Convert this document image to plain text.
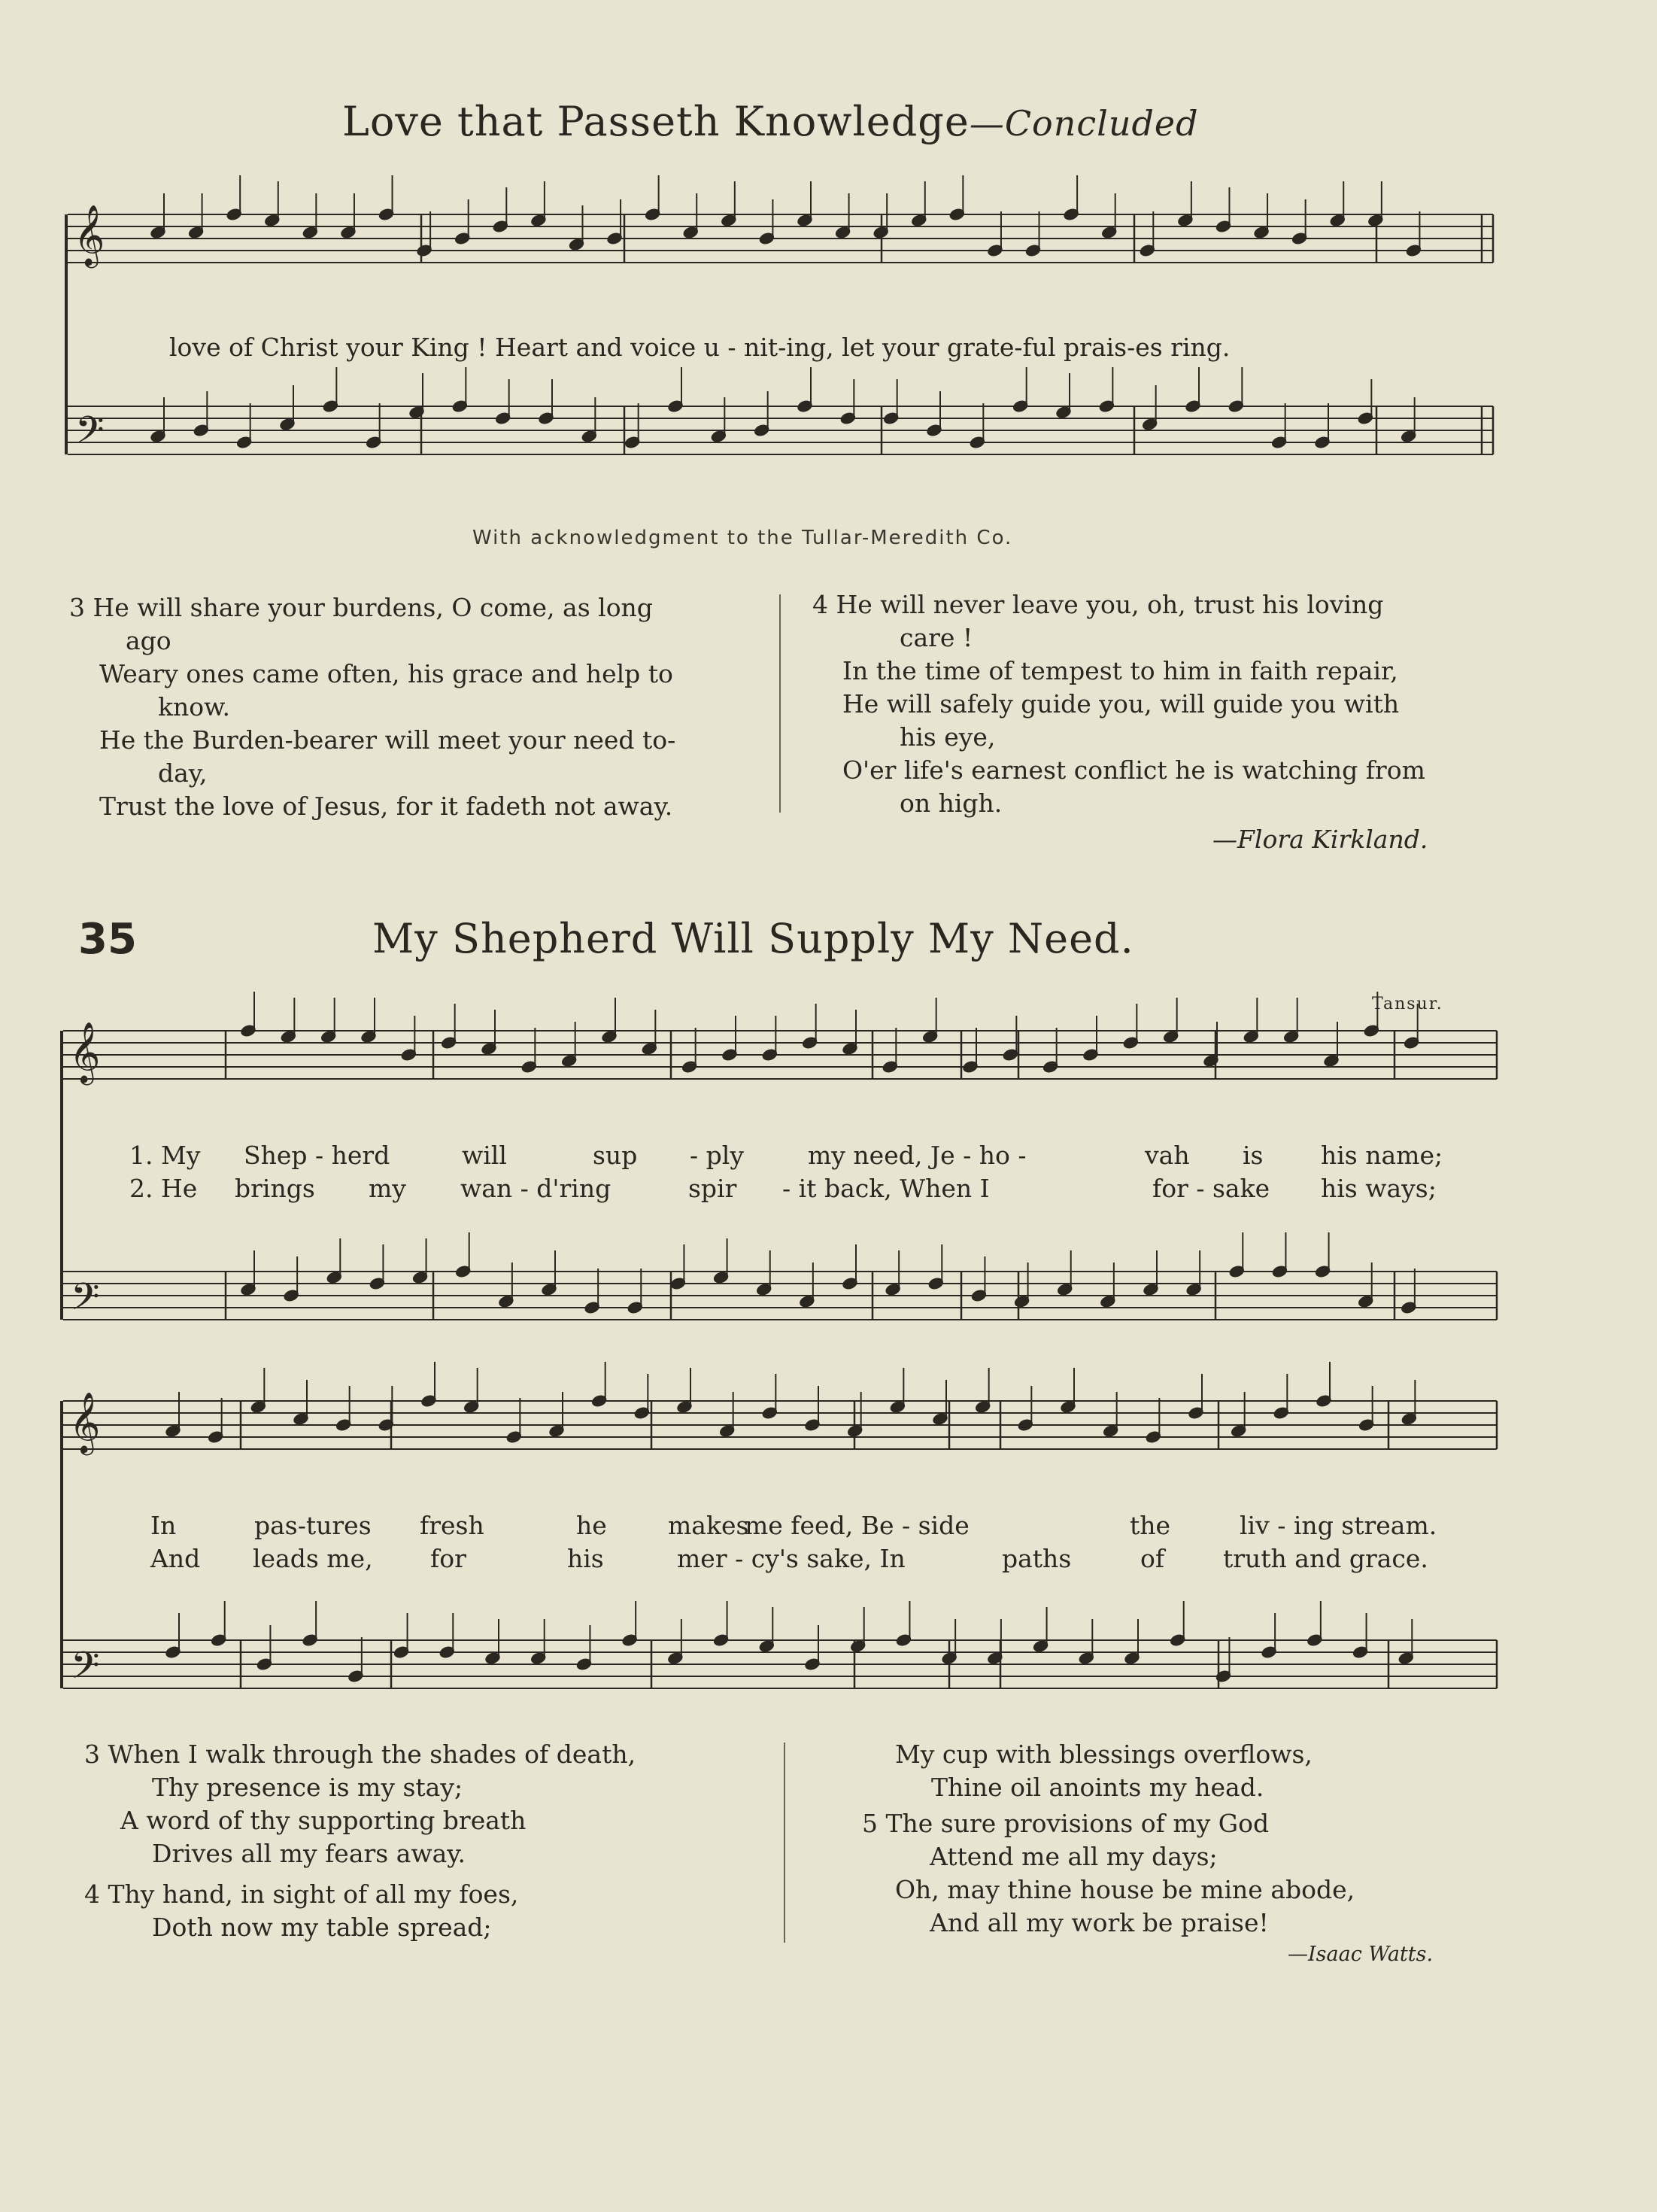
Love that Passeth Knowledge—Concluded
𝄞
𝄢
𝄞
𝄢
𝄞
𝄢
love of Christ your King ! Heart and voice u - nit-ing, let your grate-ful prais-es ring.
With acknowledgment to the Tullar-Meredith Co.
3 He will share your burdens, O come, as long
ago
Weary ones came often, his grace and help to
know.
He the Burden-bearer will meet your need to-
day,
Trust the love of Jesus, for it fadeth not away.
4 He will never leave you, oh, trust his loving
care !
In the time of tempest to him in faith repair,
He will safely guide you, will guide you with
his eye,
O'er life's earnest conflict he is watching from
on high.
—Flora Kirkland.
35	My Shepherd Will Supply My Need.
Tansur.
1. My Shep - herd	will	sup - ply	my need, Je - ho -	vah is his name;
2. He brings my wan - d'ring	spir - it back, When I	for - sake his ways;
In	pas-tures fresh	he makes
me feed, Be - side	the	liv - ing stream.
And leads me, for	his	mer - cy's sake, In	paths	of truth and grace.
3 When I walk through the shades of death,
Thy presence is my stay;
A word of thy supporting breath
Drives all my fears away.
4 Thy hand, in sight of all my foes,
Doth now my table spread;
My cup with blessings overflows,
Thine oil anoints my head.
5 The sure provisions of my God
Attend me all my days;
Oh, may thine house be mine abode,
And all my work be praise!
—Isaac Watts.
